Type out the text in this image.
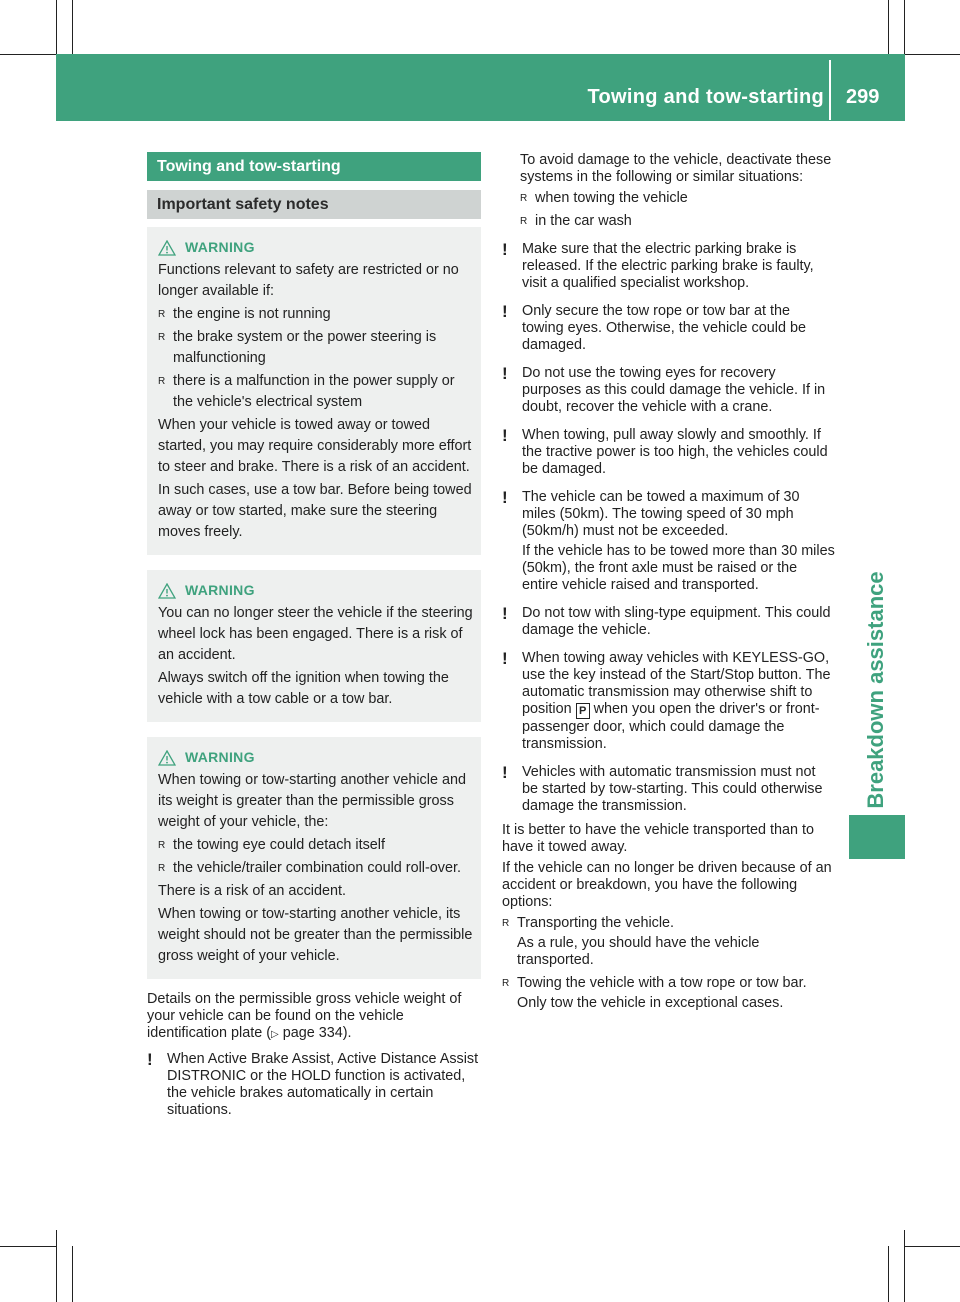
Towing and tow-starting 299
Breakdown assistance
Towing and tow-starting
Important safety notes
WARNING

Functions relevant to safety are restricted or no longer available if:

R the engine is not running
R the brake system or the power steering is malfunctioning
R there is a malfunction in the power supply or the vehicle's electrical system

When your vehicle is towed away or towed started, you may require considerably more effort to steer and brake. There is a risk of an accident.

In such cases, use a tow bar. Before being towed away or tow started, make sure the steering moves freely.

WARNING

You can no longer steer the vehicle if the steering wheel lock has been engaged. There is a risk of an accident.

Always switch off the ignition when towing the vehicle with a tow cable or a tow bar.

WARNING

When towing or tow-starting another vehicle and its weight is greater than the permissible gross weight of your vehicle, the:

R the towing eye could detach itself
R the vehicle/trailer combination could roll-over.

There is a risk of an accident.

When towing or tow-starting another vehicle, its weight should not be greater than the permissible gross weight of your vehicle.

Details on the permissible gross vehicle weight of your vehicle can be found on the vehicle identification plate (▷ page 334).

! When Active Brake Assist, Active Distance Assist DISTRONIC or the HOLD function is activated, the vehicle brakes automatically in certain situations.

To avoid damage to the vehicle, deactivate these systems in the following or similar situations:

R when towing the vehicle

R in the car wash

! Make sure that the electric parking brake is released. If the electric parking brake is faulty, visit a qualified specialist workshop.

! Only secure the tow rope or tow bar at the towing eyes. Otherwise, the vehicle could be damaged.

! Do not use the towing eyes for recovery purposes as this could damage the vehicle. If in doubt, recover the vehicle with a crane.

! When towing, pull away slowly and smoothly. If the tractive power is too high, the vehicles could be damaged.

! The vehicle can be towed a maximum of 30 miles (50km). The towing speed of 30 mph (50km/h) must not be exceeded.

If the vehicle has to be towed more than 30 miles (50km), the front axle must be raised or the entire vehicle raised and transported.

! Do not tow with sling-type equipment. This could damage the vehicle.

! When towing away vehicles with KEYLESS-GO, use the key instead of the Start/Stop button. The automatic transmission may otherwise shift to position P when you open the driver's or front-passenger door, which could damage the transmission.

! Vehicles with automatic transmission must not be started by tow-starting. This could otherwise damage the transmission.

It is better to have the vehicle transported than to have it towed away.

If the vehicle can no longer be driven because of an accident or breakdown, you have the following options:

R Transporting the vehicle.

As a rule, you should have the vehicle transported.

R Towing the vehicle with a tow rope or tow bar.

Only tow the vehicle in exceptional cases.
